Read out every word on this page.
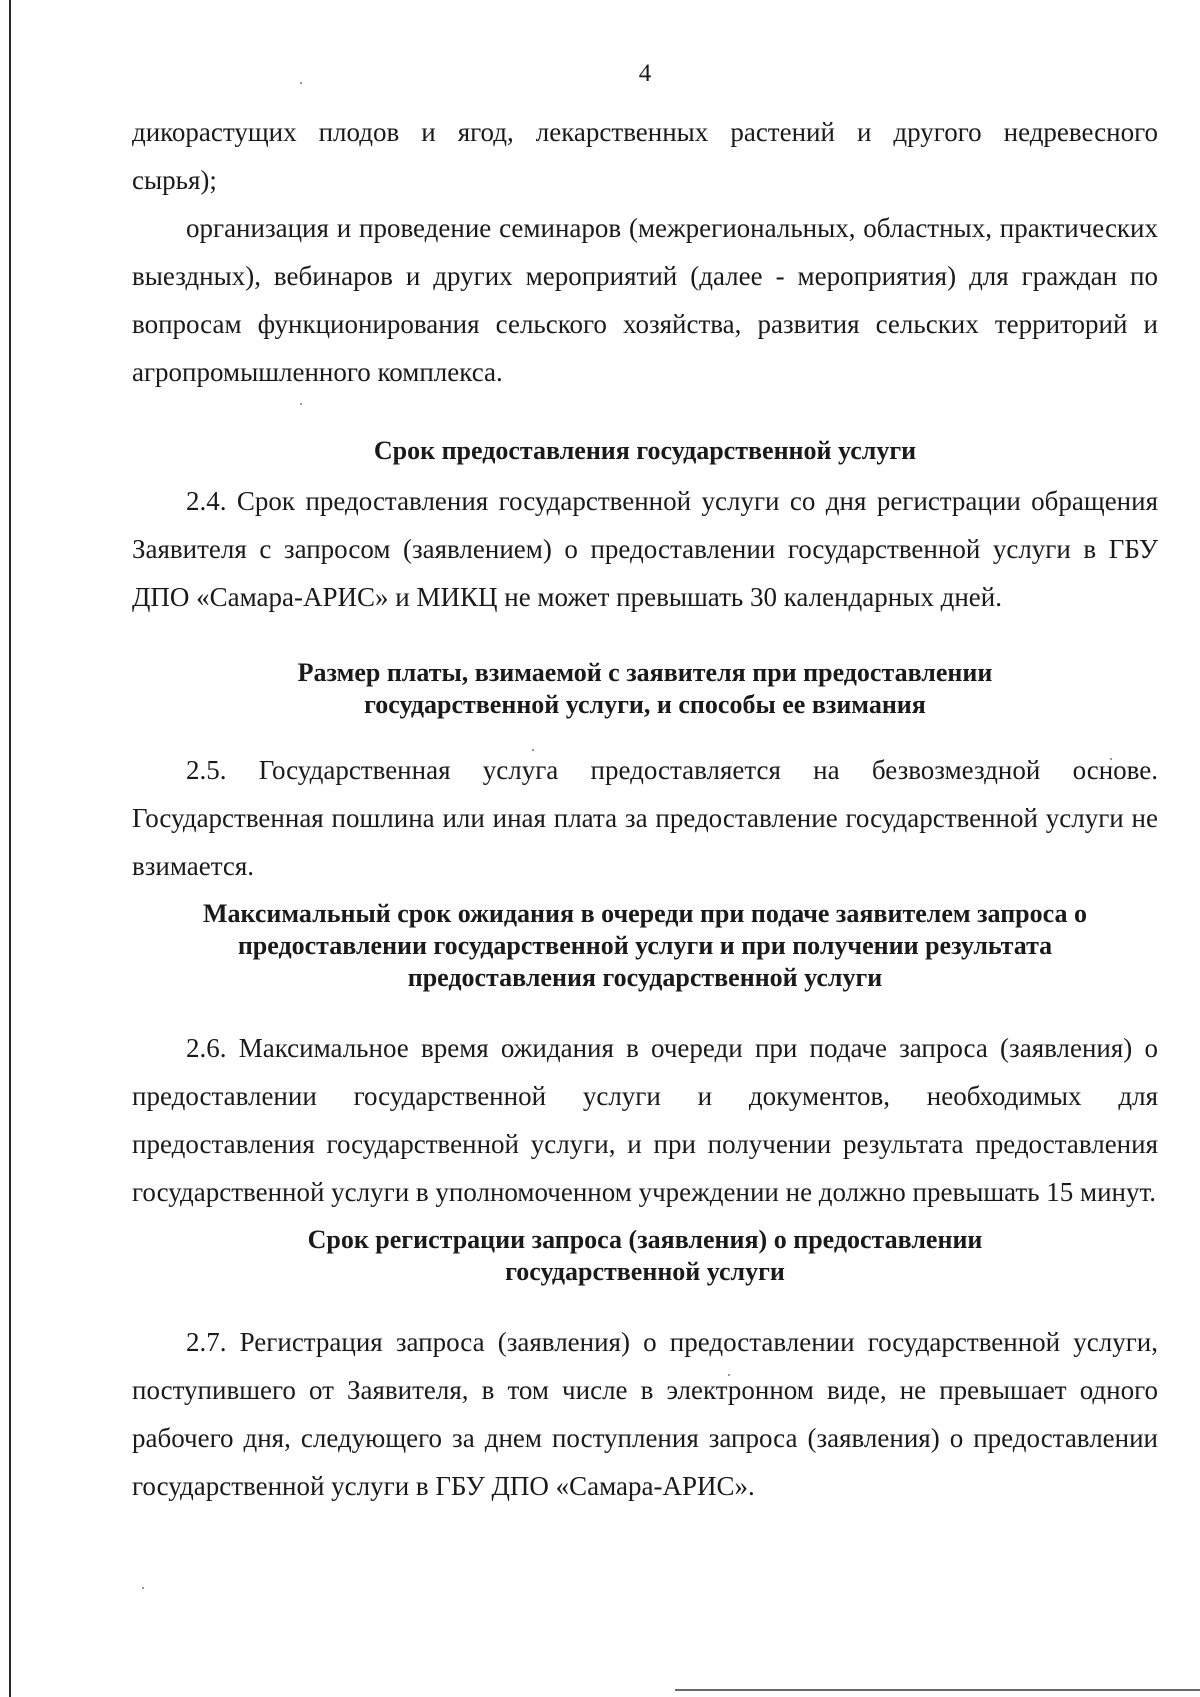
4

дикорастущих плодов и ягод, лекарственных растений и другого недревесного

сырья);

организация и проведение семинаров (межрегиональных, областных, практических выездных), вебинаров и других мероприятий (далее - мероприятия) для граждан по вопросам функционирования сельского хозяйства, развития сельских территорий и агропромышленного комплекса.

Срок предоставления государственной услуги

2.4. Срок предоставления государственной услуги со дня регистрации обращения Заявителя с запросом (заявлением) о предоставлении государственной услуги в ГБУ ДПО «Самара-АРИС» и МИКЦ не может превышать 30 календарных дней.

Размер платы, взимаемой с заявителя при предоставлении
государственной услуги, и способы ее взимания

2.5. Государственная услуга предоставляется на безвозмездной основе. Государственная пошлина или иная плата за предоставление государственной услуги не взимается.

Максимальный срок ожидания в очереди при подаче заявителем запроса о
предоставлении государственной услуги и при получении результата
предоставления государственной услуги

2.6. Максимальное время ожидания в очереди при подаче запроса (заявления) о предоставлении государственной услуги и документов, необходимых для предоставления государственной услуги, и при получении результата предоставления государственной услуги в уполномоченном учреждении не должно превышать 15 минут.

Срок регистрации запроса (заявления) о предоставлении
государственной услуги

2.7. Регистрация запроса (заявления) о предоставлении государственной услуги, поступившего от Заявителя, в том числе в электронном виде, не превышает одного рабочего дня, следующего за днем поступления запроса (заявления) о предоставлении государственной услуги в ГБУ ДПО «Самара-АРИС».
